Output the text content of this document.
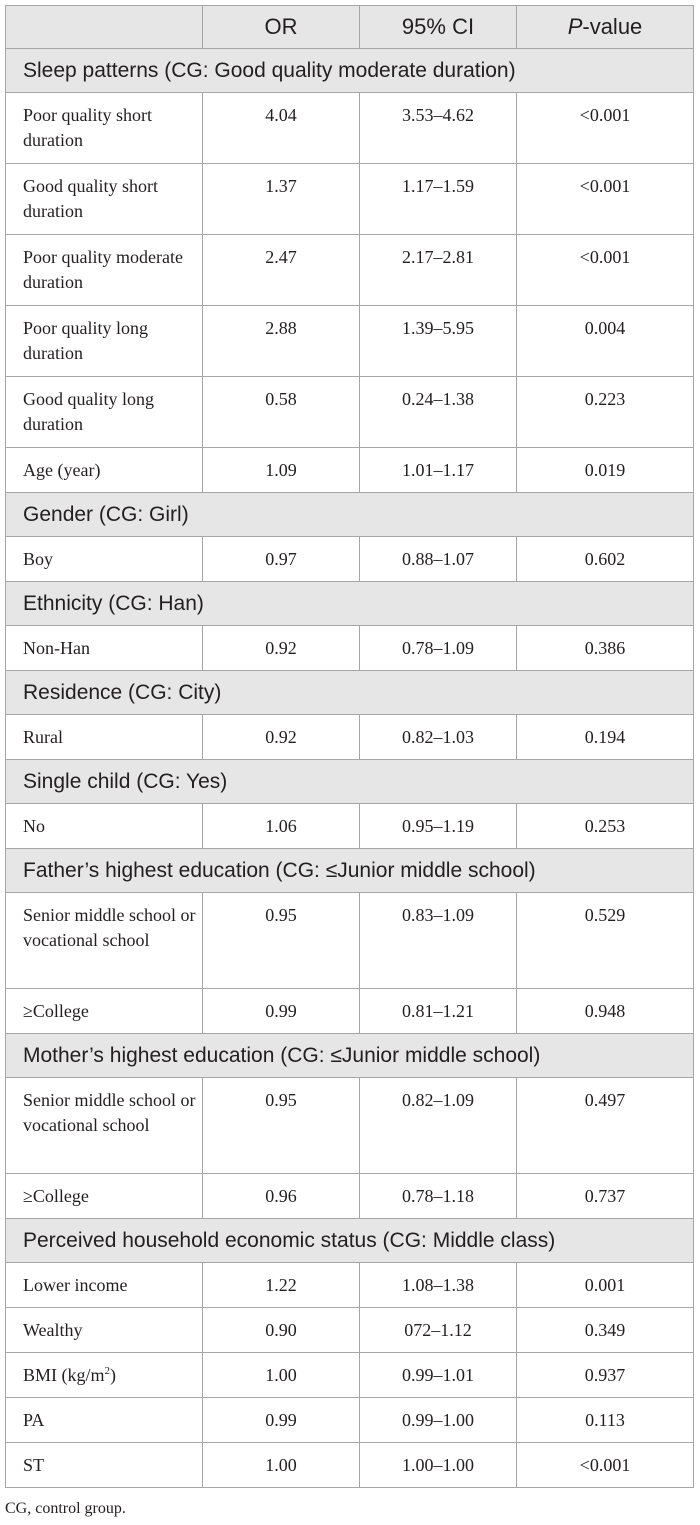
	OR	95% CI	P-value
Sleep patterns (CG: Good quality moderate duration)			
Poor quality short duration	4.04	3.53–4.62	<0.001
Good quality short duration	1.37	1.17–1.59	<0.001
Poor quality moderate duration	2.47	2.17–2.81	<0.001
Poor quality long duration	2.88	1.39–5.95	0.004
Good quality long duration	0.58	0.24–1.38	0.223
Age (year)	1.09	1.01–1.17	0.019
Gender (CG: Girl)			
Boy	0.97	0.88–1.07	0.602
Ethnicity (CG: Han)			
Non-Han	0.92	0.78–1.09	0.386
Residence (CG: City)			
Rural	0.92	0.82–1.03	0.194
Single child (CG: Yes)			
No	1.06	0.95–1.19	0.253
Father’s highest education (CG: ≤Junior middle school)			
Senior middle school or vocational school	0.95	0.83–1.09	0.529
≥College	0.99	0.81–1.21	0.948
Mother’s highest education (CG: ≤Junior middle school)			
Senior middle school or vocational school	0.95	0.82–1.09	0.497
≥College	0.96	0.78–1.18	0.737
Perceived household economic status (CG: Middle class)			
Lower income	1.22	1.08–1.38	0.001
Wealthy	0.90	072–1.12	0.349
BMI $(kg/m^2)$	1.00	0.99–1.01	0.937
PA	0.99	0.99–1.00	0.113
ST	1.00	1.00–1.00	<0.001
CG, control group.
